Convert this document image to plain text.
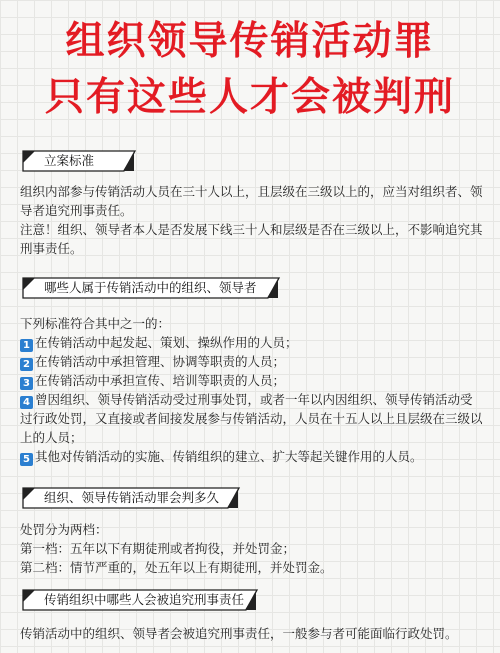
组织领导传销活动罪
只有这些人才会被判刑
立案标准

组织内部参与传销活动人员在三十人以上，且层级在三级以上的，应当对组织者、领导者追究刑事责任。

注意！组织、领导者本人是否发展下线三十人和层级是否在三级以上，不影响追究其刑事责任。

哪些人属于传销活动中的组织、领导者

下列标准符合其中之一的：

1 在传销活动中起发起、策划、操纵作用的人员；

2 在传销活动中承担管理、协调等职责的人员；

3 在传销活动中承担宣传、培训等职责的人员；

4 曾因组织、领导传销活动受过刑事处罚，或者一年以内因组织、领导传销活动受过行政处罚，又直接或者间接发展参与传销活动，人员在十五人以上且层级在三级以上的人员；

5 其他对传销活动的实施、传销组织的建立、扩大等起关键作用的人员。

组织、领导传销活动罪会判多久

处罚分为两档：

第一档：五年以下有期徒刑或者拘役，并处罚金；

第二档：情节严重的，处五年以上有期徒刑，并处罚金。

传销组织中哪些人会被追究刑事责任

传销活动中的组织、领导者会被追究刑事责任，一般参与者可能面临行政处罚。
